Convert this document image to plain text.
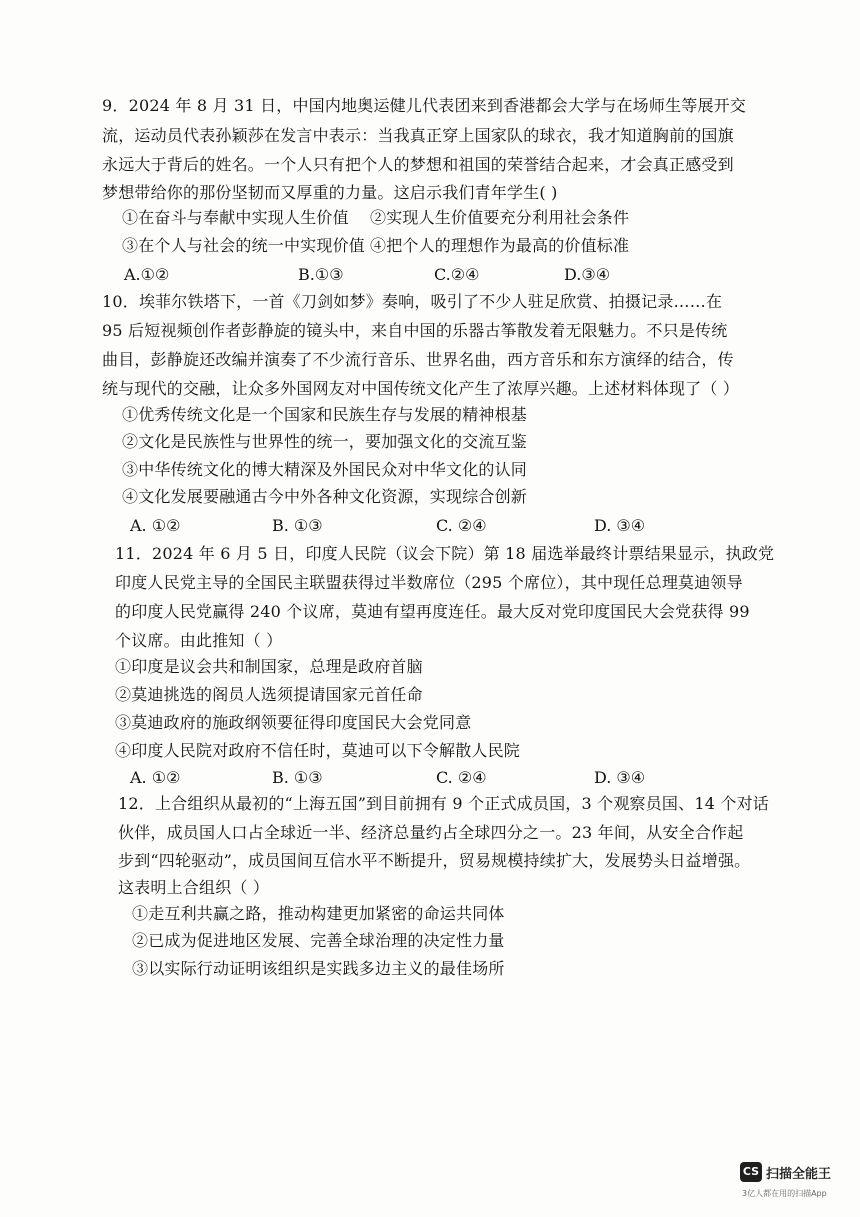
9．2024 年 8 月 31 日，中国内地奥运健儿代表团来到香港都会大学与在场师生等展开交
流，运动员代表孙颖莎在发言中表示：当我真正穿上国家队的球衣，我才知道胸前的国旗
永远大于背后的姓名。一个人只有把个人的梦想和祖国的荣誉结合起来，才会真正感受到
梦想带给你的那份坚韧而又厚重的力量。这启示我们青年学生( )
①在奋斗与奉献中实现人生价值 ②实现人生价值要充分利用社会条件
③在个人与社会的统一中实现价值 ④把个人的理想作为最高的价值标准
A.①②	B.①③	C.②④	D.③④
10．埃菲尔铁塔下，一首《刀剑如梦》奏响，吸引了不少人驻足欣赏、拍摄记录……在
95 后短视频创作者彭静旋的镜头中，来自中国的乐器古筝散发着无限魅力。不只是传统
曲目，彭静旋还改编并演奏了不少流行音乐、世界名曲，西方音乐和东方演绎的结合，传
统与现代的交融，让众多外国网友对中国传统文化产生了浓厚兴趣。上述材料体现了（ ）
①优秀传统文化是一个国家和民族生存与发展的精神根基
②文化是民族性与世界性的统一，要加强文化的交流互鉴
③中华传统文化的博大精深及外国民众对中华文化的认同
④文化发展要融通古今中外各种文化资源，实现综合创新
A. ①②	B. ①③	C. ②④	D. ③④
11．2024 年 6 月 5 日，印度人民院（议会下院）第 18 届选举最终计票结果显示，执政党
印度人民党主导的全国民主联盟获得过半数席位（295 个席位），其中现任总理莫迪领导
的印度人民党赢得 240 个议席，莫迪有望再度连任。最大反对党印度国民大会党获得 99
个议席。由此推知（ ）
①印度是议会共和制国家，总理是政府首脑
②莫迪挑选的阁员人选须提请国家元首任命
③莫迪政府的施政纲领要征得印度国民大会党同意
④印度人民院对政府不信任时，莫迪可以下令解散人民院
A. ①②	B. ①③	C. ②④	D. ③④
12．上合组织从最初的“上海五国”到目前拥有 9 个正式成员国，3 个观察员国、14 个对话
伙伴，成员国人口占全球近一半、经济总量约占全球四分之一。23 年间，从安全合作起
步到“四轮驱动”，成员国间互信水平不断提升，贸易规模持续扩大，发展势头日益增强。
这表明上合组织（ ）
①走互利共赢之路，推动构建更加紧密的命运共同体
②已成为促进地区发展、完善全球治理的决定性力量
③以实际行动证明该组织是实践多边主义的最佳场所
CS 扫描全能王
3亿人都在用的扫描App
